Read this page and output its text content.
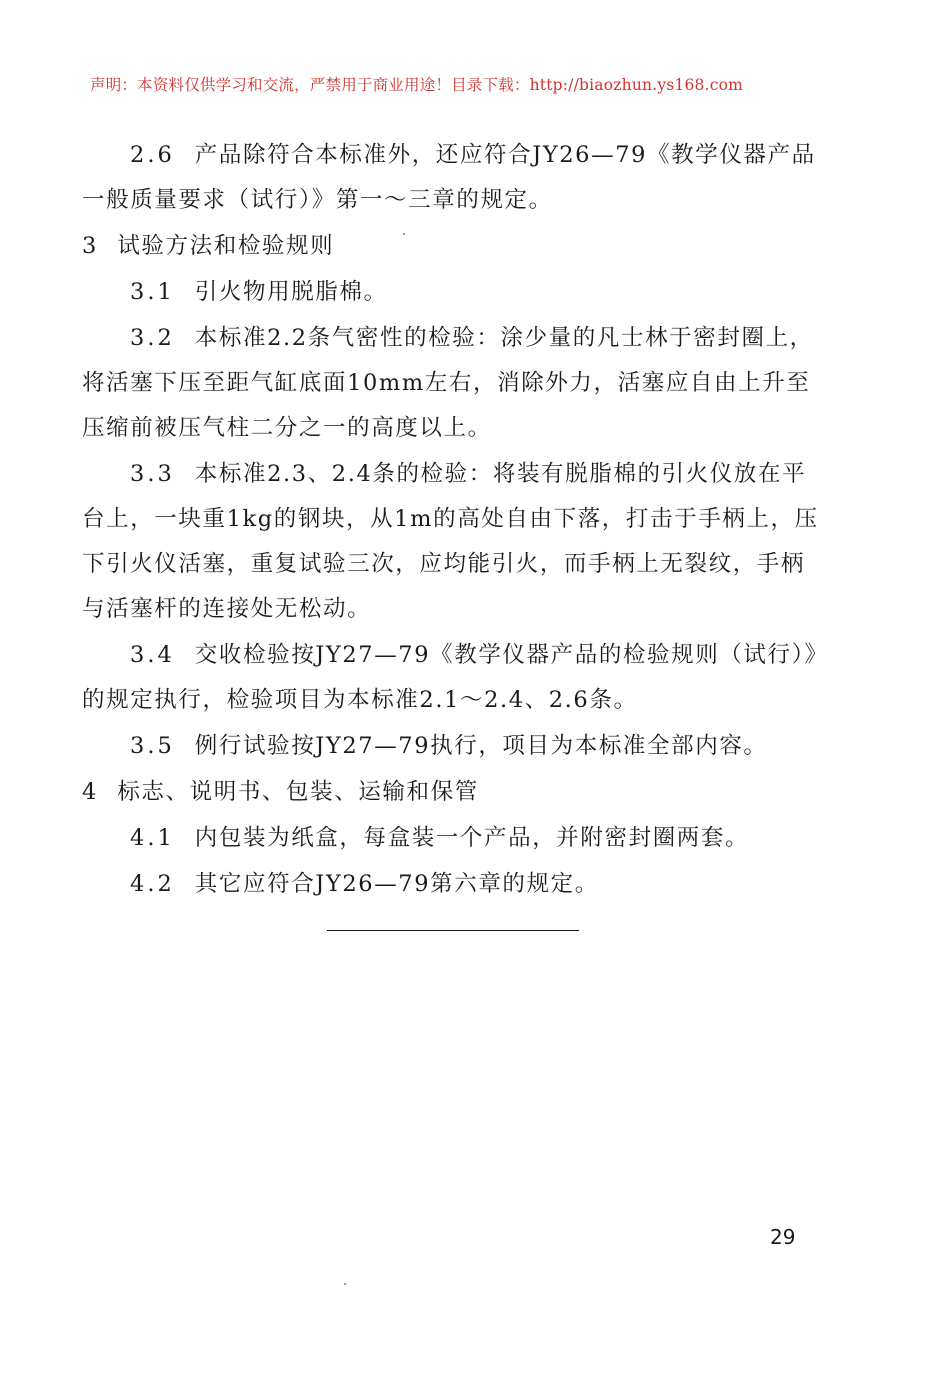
声明：本资料仅供学习和交流，严禁用于商业用途！目录下载：http://biaozhun.ys168.com

2.6 产品除符合本标准外，还应符合JY26—79《教学仪器产品一般质量要求（试行）》第一～三章的规定。

3 试验方法和检验规则

3.1 引火物用脱脂棉。

3.2 本标准2.2条气密性的检验：涂少量的凡士林于密封圈上，将活塞下压至距气缸底面10mm左右，消除外力，活塞应自由上升至压缩前被压气柱二分之一的高度以上。

3.3 本标准2.3、2.4条的检验：将装有脱脂棉的引火仪放在平台上，一块重1kg的钢块，从1m的高处自由下落，打击于手柄上，压下引火仪活塞，重复试验三次，应均能引火，而手柄上无裂纹，手柄与活塞杆的连接处无松动。

3.4 交收检验按JY27—79《教学仪器产品的检验规则（试行）》的规定执行，检验项目为本标准2.1～2.4、2.6条。

3.5 例行试验按JY27—79执行，项目为本标准全部内容。

4 标志、说明书、包装、运输和保管

4.1 内包装为纸盒，每盒装一个产品，并附密封圈两套。

4.2 其它应符合JY26—79第六章的规定。

29
